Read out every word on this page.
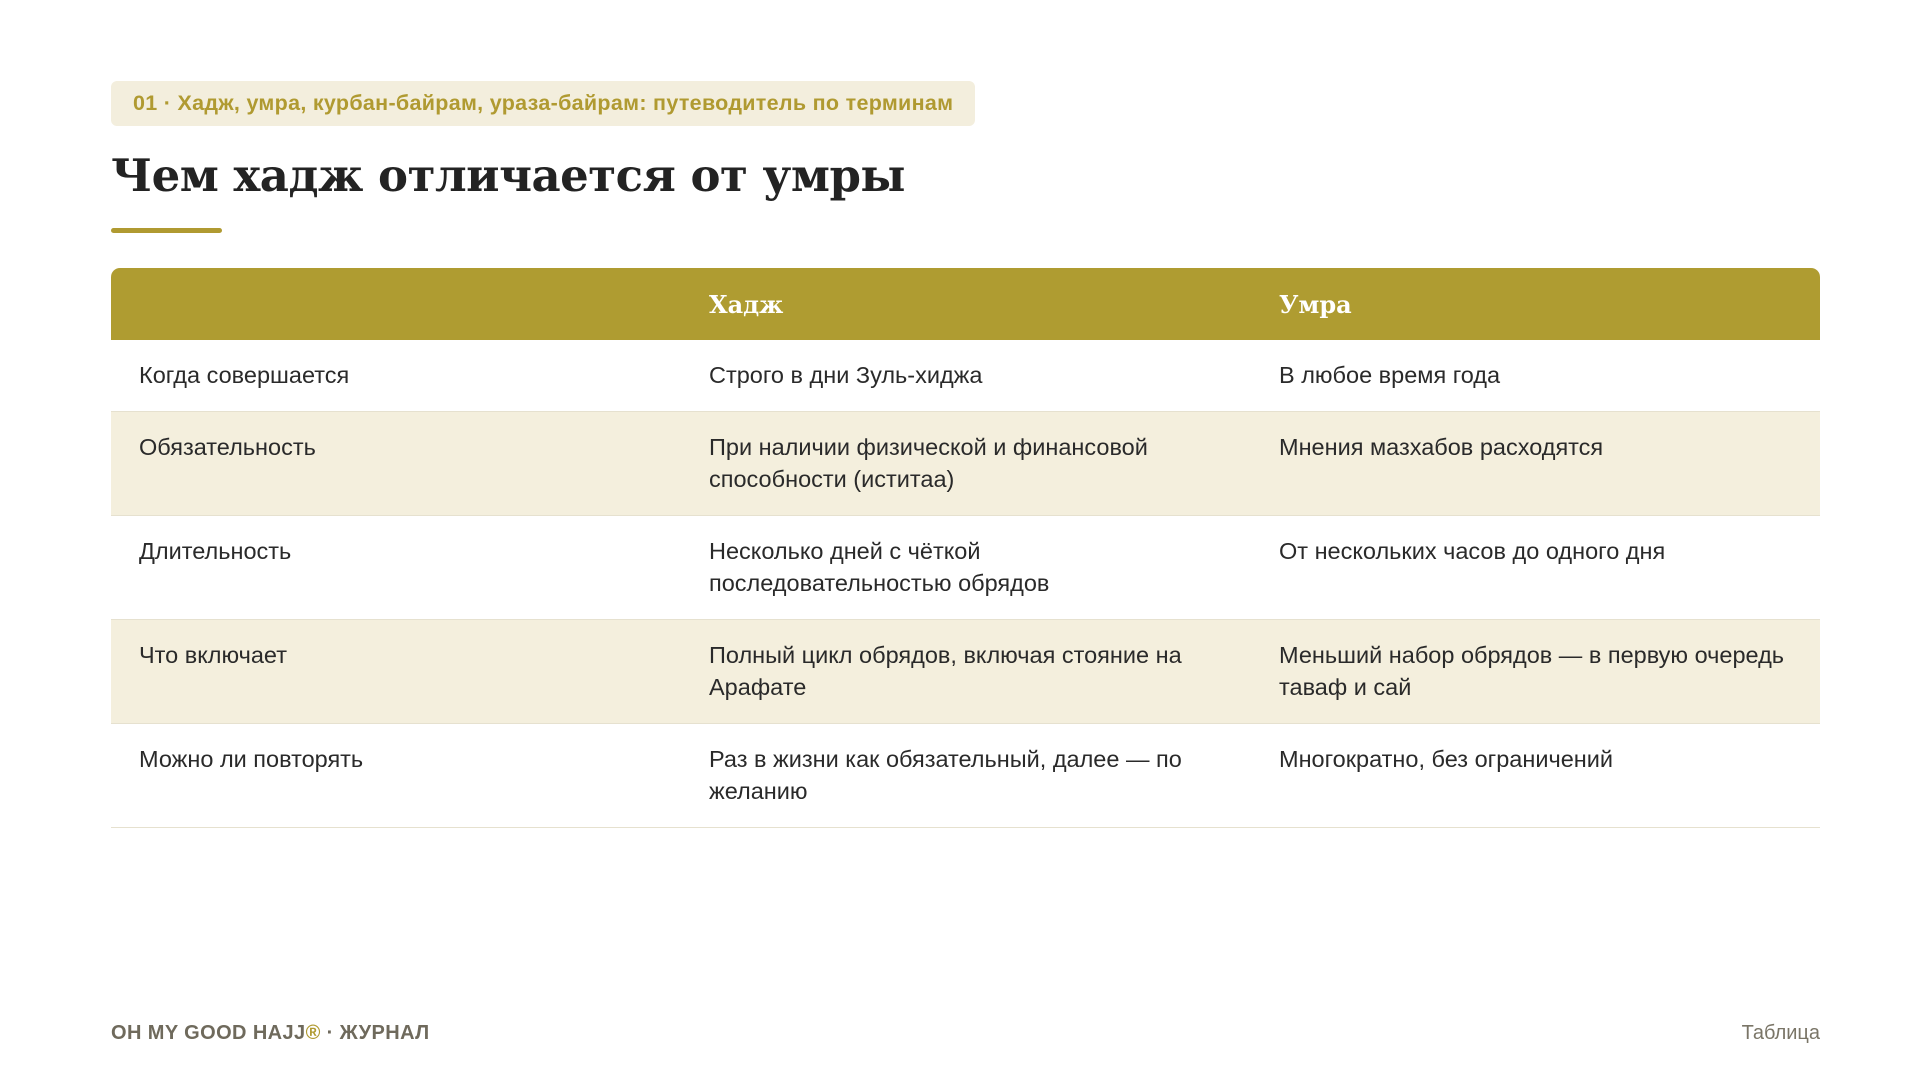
01 · Хадж, умра, курбан-байрам, ураза-байрам: путеводитель по терминам
Чем хадж отличается от умры
	Хадж	Умра
Когда совершается	Строго в дни Зуль-хиджа	В любое время года
Обязательность	При наличии физической и финансовой способности (иститаа)	Мнения мазхабов расходятся
Длительность	Несколько дней с чёткой последовательностью обрядов	От нескольких часов до одного дня
Что включает	Полный цикл обрядов, включая стояние на Арафате	Меньший набор обрядов — в первую очередь таваф и сай
Можно ли повторять	Раз в жизни как обязательный, далее — по желанию	Многократно, без ограничений
OH MY GOOD HAJJ® · ЖУРНАЛ	Таблица
